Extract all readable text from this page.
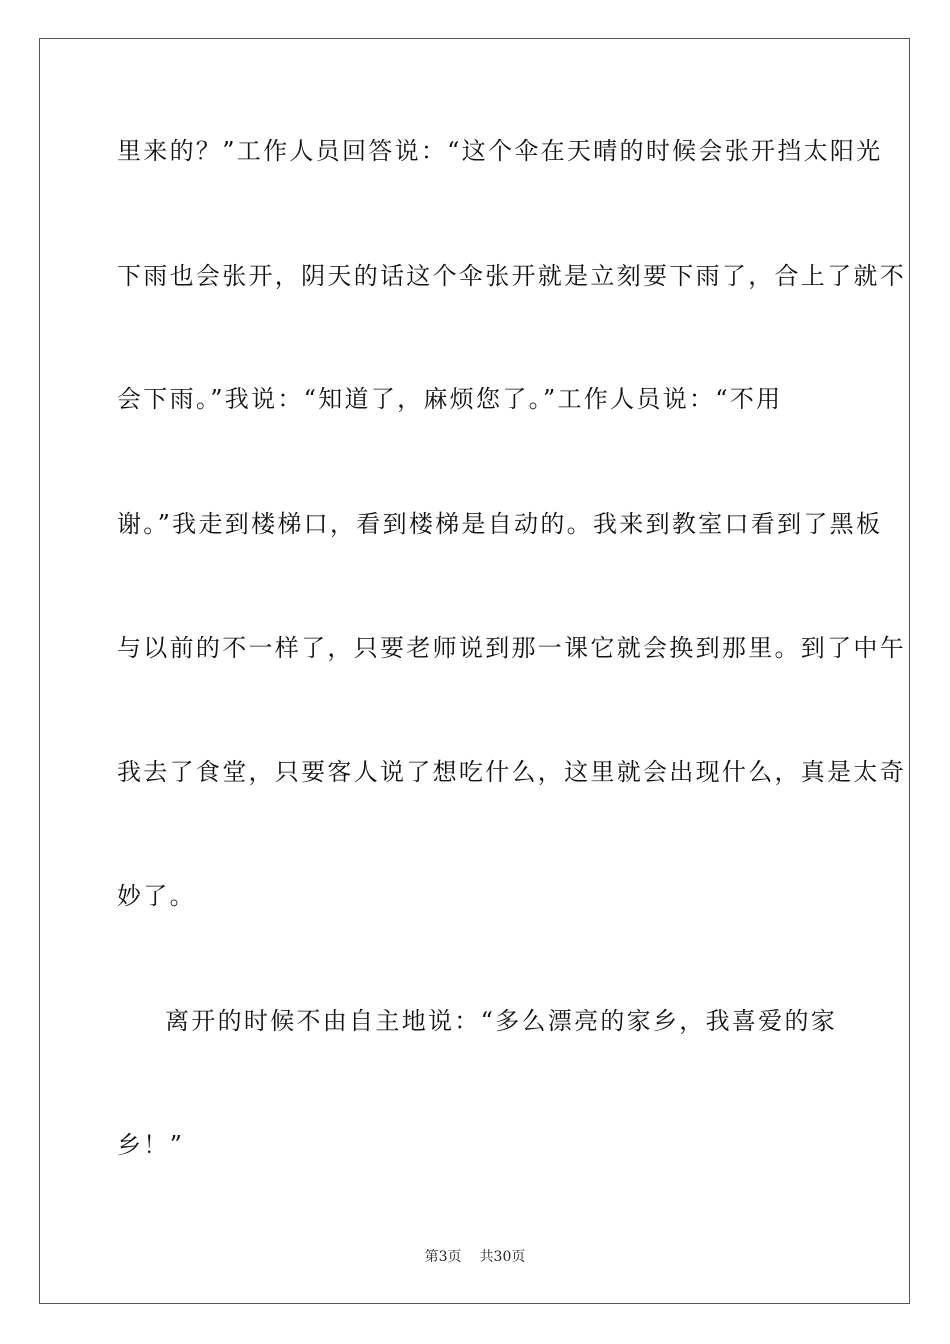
里来的？”工作人员回答说：“这个伞在天晴的时候会张开挡太阳光
下雨也会张开，阴天的话这个伞张开就是立刻要下雨了，合上了就不
会下雨。”我说：“知道了，麻烦您了。”工作人员说：“不用
谢。”我走到楼梯口，看到楼梯是自动的。我来到教室口看到了黑板
与以前的不一样了，只要老师说到那一课它就会换到那里。到了中午
我去了食堂，只要客人说了想吃什么，这里就会出现什么，真是太奇
妙了。
离开的时候不由自主地说：“多么漂亮的家乡，我喜爱的家
乡！”
第3页 共30页
